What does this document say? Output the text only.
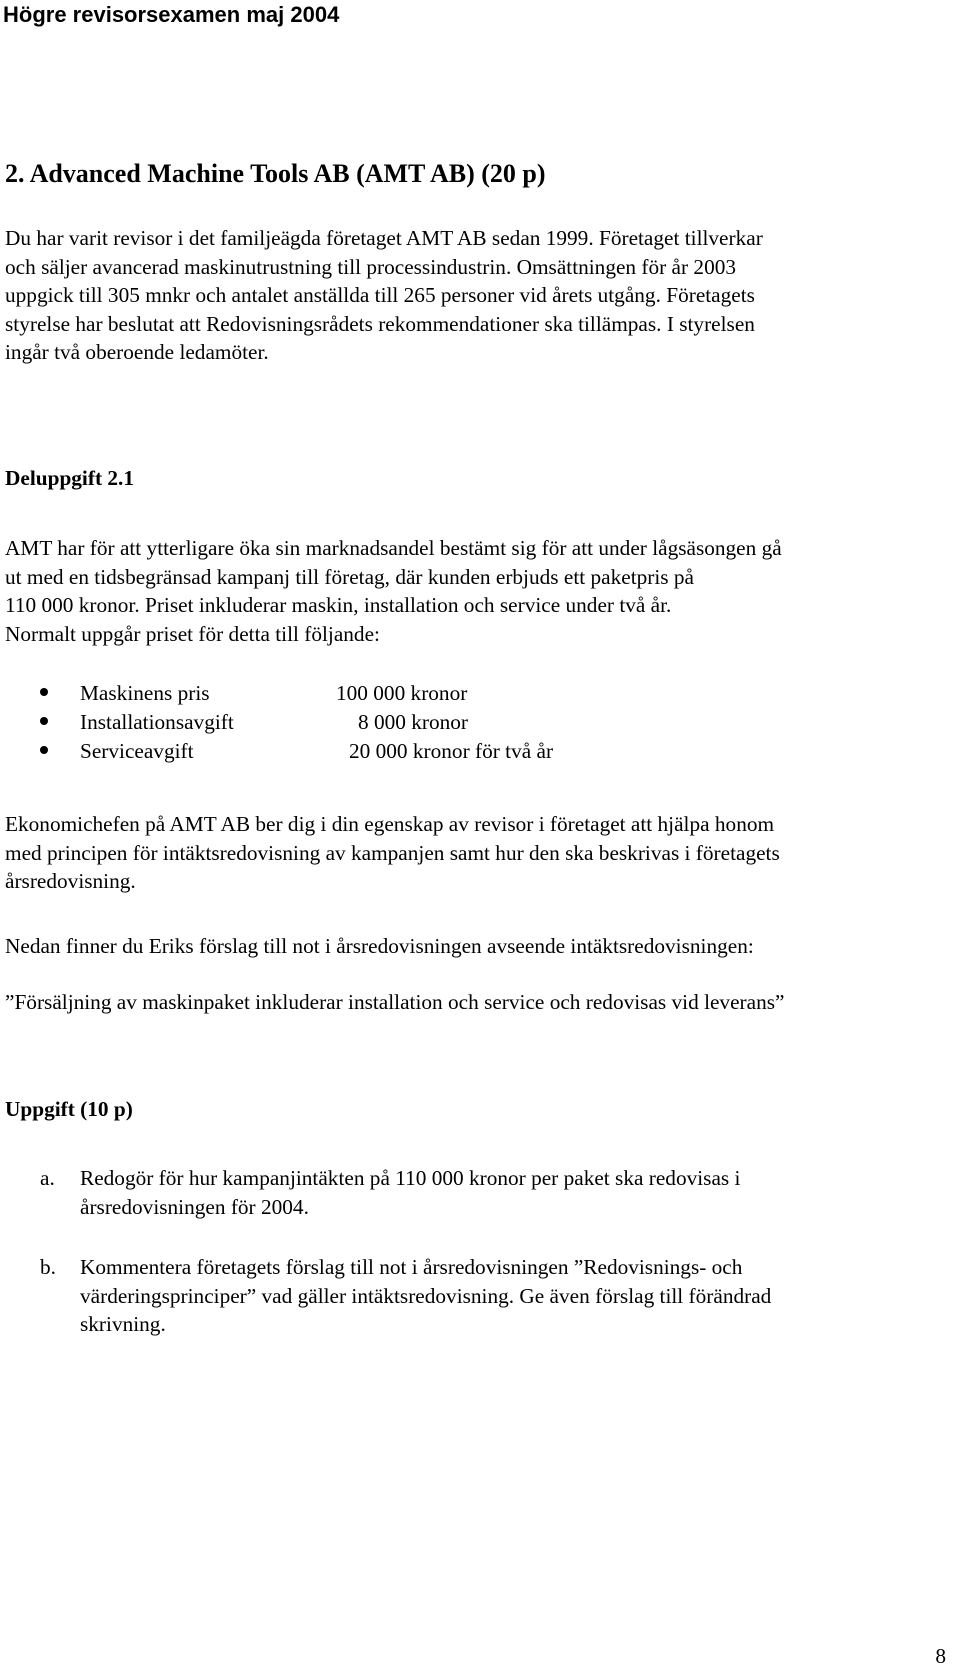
Högre revisorsexamen maj 2004
2. Advanced Machine Tools AB (AMT AB) (20 p)
Du har varit revisor i det familjeägda företaget AMT AB sedan 1999. Företaget tillverkar
och säljer avancerad maskinutrustning till processindustrin. Omsättningen för år 2003
uppgick till 305 mnkr och antalet anställda till 265 personer vid årets utgång. Företagets
styrelse har beslutat att Redovisningsrådets rekommendationer ska tillämpas. I styrelsen
ingår två oberoende ledamöter.
Deluppgift 2.1
AMT har för att ytterligare öka sin marknadsandel bestämt sig för att under lågsäsongen gå
ut med en tidsbegränsad kampanj till företag, där kunden erbjuds ett paketpris på
110 000 kronor. Priset inkluderar maskin, installation och service under två år.
Normalt uppgår priset för detta till följande:
Maskinens pris	100 000 kronor
Installationsavgift	8 000 kronor
Serviceavgift	20 000 kronor för två år
Ekonomichefen på AMT AB ber dig i din egenskap av revisor i företaget att hjälpa honom
med principen för intäktsredovisning av kampanjen samt hur den ska beskrivas i företagets
årsredovisning.
Nedan finner du Eriks förslag till not i årsredovisningen avseende intäktsredovisningen:
”Försäljning av maskinpaket inkluderar installation och service och redovisas vid leverans”
Uppgift (10 p)
a. Redogör för hur kampanjintäkten på 110 000 kronor per paket ska redovisas i
årsredovisningen för 2004.
b. Kommentera företagets förslag till not i årsredovisningen ”Redovisnings- och
värderingsprinciper” vad gäller intäktsredovisning. Ge även förslag till förändrad
skrivning.
8
